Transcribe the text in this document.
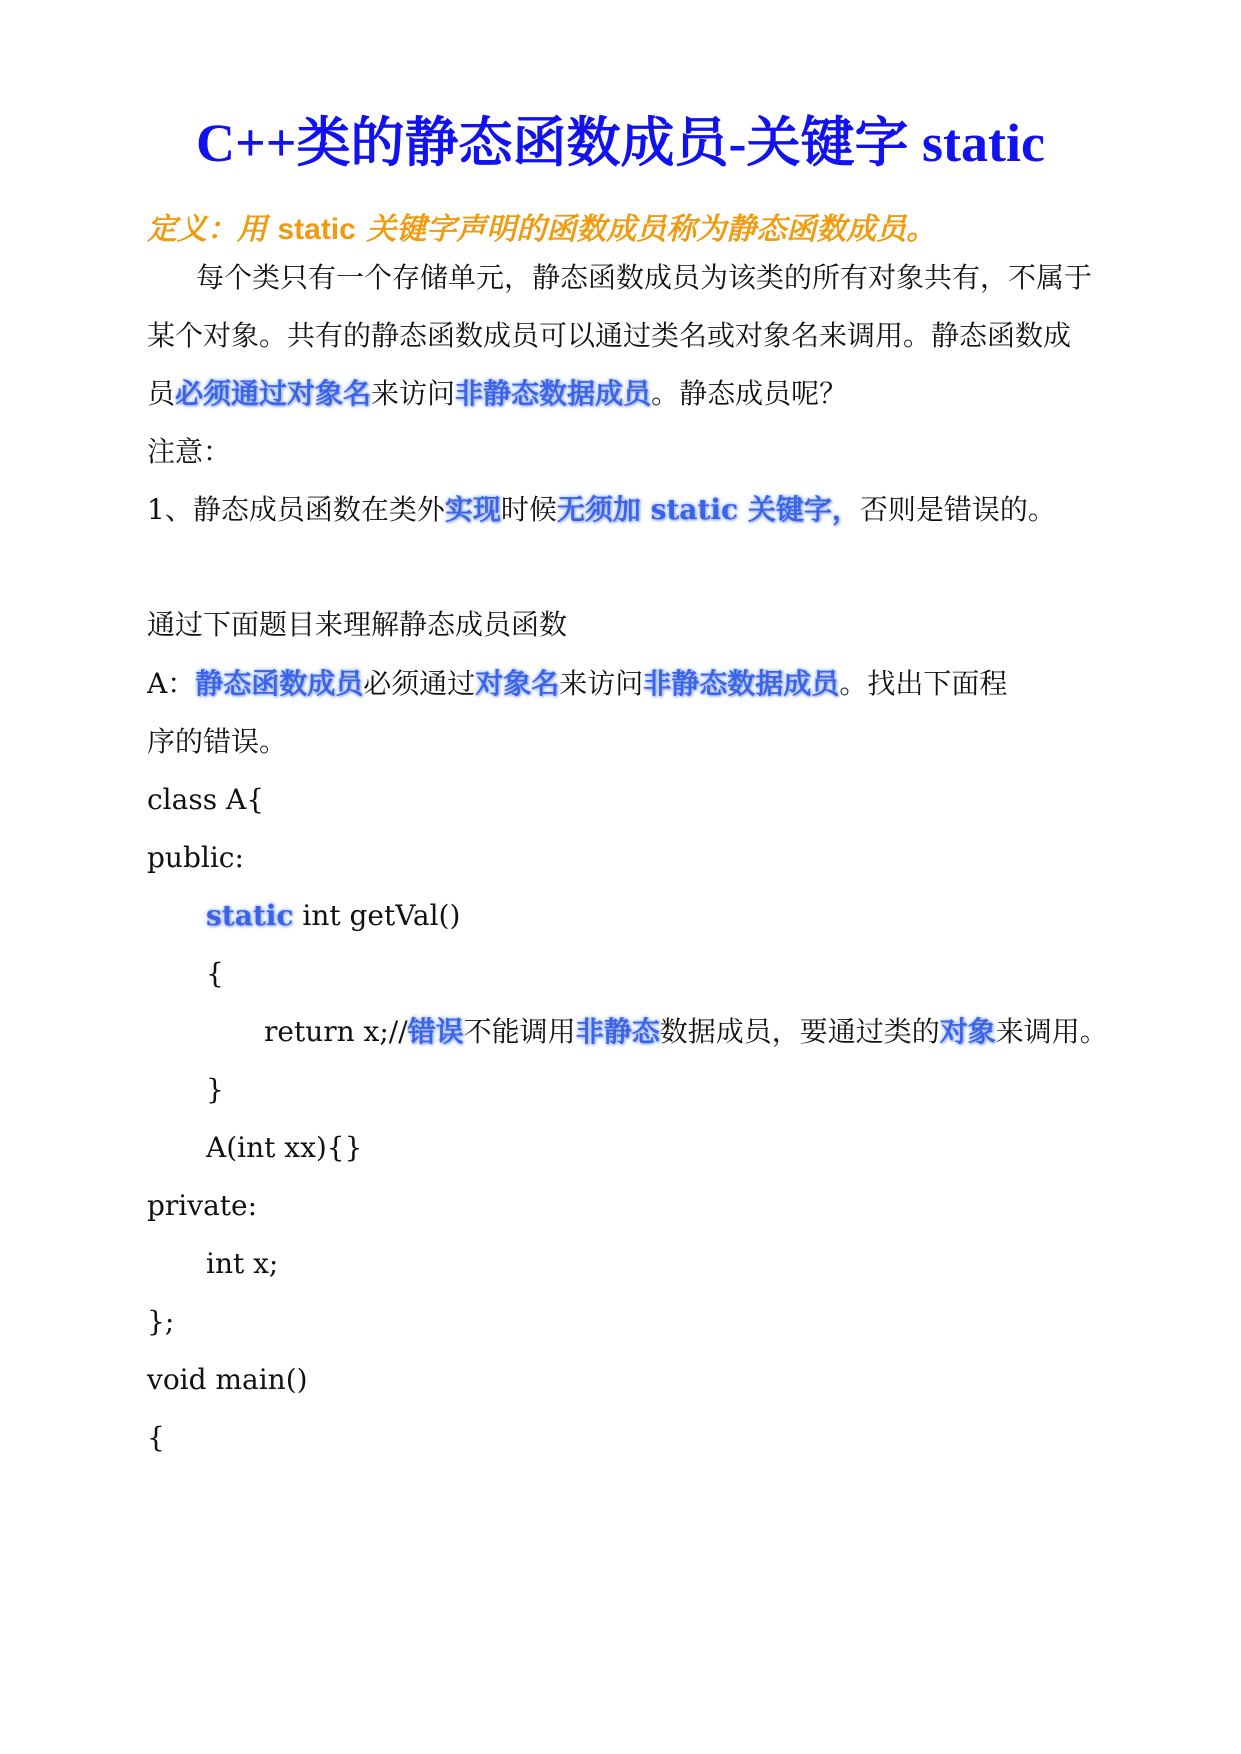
C++类的静态函数成员-关键字 static
定义：用 static 关键字声明的函数成员称为静态函数成员。
每个类只有一个存储单元，静态函数成员为该类的所有对象共有，不属于
某个对象。共有的静态函数成员可以通过类名或对象名来调用。静态函数成
员必须通过对象名来访问非静态数据成员。静态成员呢？
注意：
1、静态成员函数在类外实现时候无须加 static 关键字，否则是错误的。
通过下面题目来理解静态成员函数
A：静态函数成员必须通过对象名来访问非静态数据成员。找出下面程
序的错误。
class A{
public:
static int getVal()
{
return x;//错误不能调用非静态数据成员，要通过类的对象来调用。
}
A(int xx){}
private:
int x;
};
void main()
{
